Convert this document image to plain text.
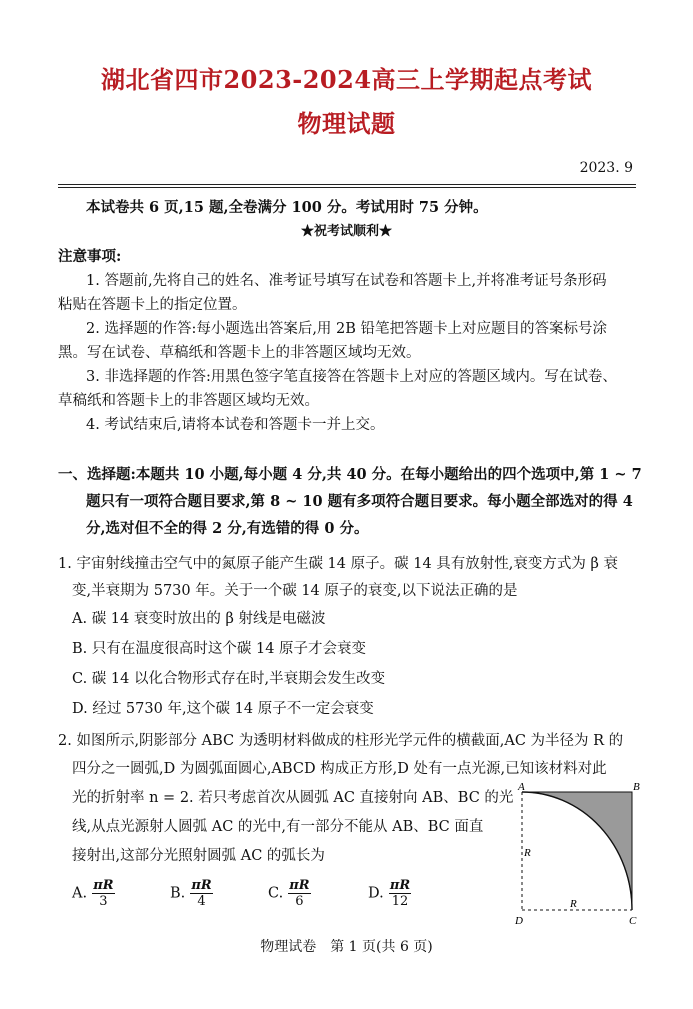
湖北省四市2023-2024高三上学期起点考试
物理试题
2023. 9
本试卷共 6 页,15 题,全卷满分 100 分。考试用时 75 分钟。
★祝考试顺利★
注意事项:
1. 答题前,先将自己的姓名、准考证号填写在试卷和答题卡上,并将准考证号条形码
粘贴在答题卡上的指定位置。
2. 选择题的作答:每小题选出答案后,用 2B 铅笔把答题卡上对应题目的答案标号涂
黑。写在试卷、草稿纸和答题卡上的非答题区域均无效。
3. 非选择题的作答:用黑色签字笔直接答在答题卡上对应的答题区域内。写在试卷、
草稿纸和答题卡上的非答题区域均无效。
4. 考试结束后,请将本试卷和答题卡一并上交。
一、选择题:本题共 10 小题,每小题 4 分,共 40 分。在每小题给出的四个选项中,第 1 ~ 7
题只有一项符合题目要求,第 8 ~ 10 题有多项符合题目要求。每小题全部选对的得 4
分,选对但不全的得 2 分,有选错的得 0 分。
1. 宇宙射线撞击空气中的氮原子能产生碳 14 原子。碳 14 具有放射性,衰变方式为 β 衰
变,半衰期为 5730 年。关于一个碳 14 原子的衰变,以下说法正确的是
A. 碳 14 衰变时放出的 β 射线是电磁波
B. 只有在温度很高时这个碳 14 原子才会衰变
C. 碳 14 以化合物形式存在时,半衰期会发生改变
D. 经过 5730 年,这个碳 14 原子不一定会衰变
2. 如图所示,阴影部分 ABC 为透明材料做成的柱形光学元件的横截面,AC 为半径为 R 的
四分之一圆弧,D 为圆弧面圆心,ABCD 构成正方形,D 处有一点光源,已知该材料对此
光的折射率 n = 2. 若只考虑首次从圆弧 AC 直接射向 AB、BC 的光
线,从点光源射人圆弧 AC 的光中,有一部分不能从 AB、BC 面直
接射出,这部分光照射圆弧 AC 的弧长为
A. $\frac{\pi R}{3}$	B. $\frac{\pi R}{4}$	C. $\frac{\pi R}{6}$	D. $\frac{\pi R}{12}$
A	B
C
D
R
R
物理试卷　第 1 页(共 6 页)
